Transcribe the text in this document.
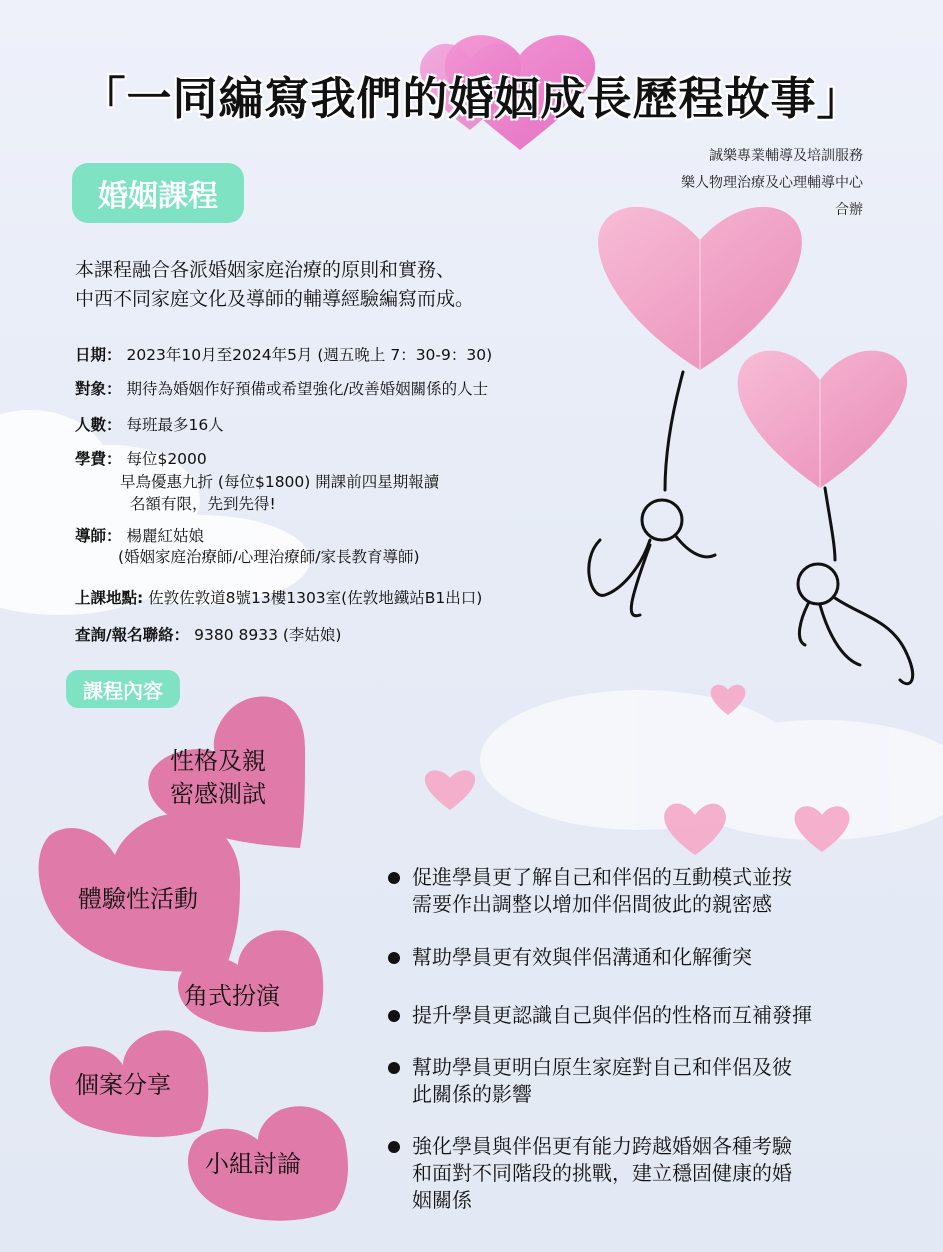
「一同編寫我們的婚姻成長歷程故事」
誠樂專業輔導及培訓服務
樂人物理治療及心理輔導中心
合辦
婚姻課程
本課程融合各派婚姻家庭治療的原則和實務、
中西不同家庭文化及導師的輔導經驗編寫而成。
日期： 2023年10月至2024年5月 (週五晚上 7：30-9：30)
對象： 期待為婚姻作好預備或希望強化/改善婚姻關係的人士
人數： 每班最多16人
學費： 每位$2000
早鳥優惠九折 (每位$1800) 開課前四星期報讀
名額有限，先到先得!
導師： 楊麗紅姑娘
(婚姻家庭治療師/心理治療師/家長教育導師)
上課地點: 佐敦佐敦道8號13樓1303室(佐敦地鐵站B1出口)
查詢/報名聯絡： 9380 8933 (李姑娘)
課程內容
性格及親
密感測試
體驗性活動
角式扮演
個案分享
小組討論
促進學員更了解自己和伴侶的互動模式並按
需要作出調整以增加伴侶間彼此的親密感
幫助學員更有效與伴侶溝通和化解衝突
提升學員更認識自己與伴侶的性格而互補發揮
幫助學員更明白原生家庭對自己和伴侶及彼
此關係的影響
強化學員與伴侶更有能力跨越婚姻各種考驗
和面對不同階段的挑戰，建立穩固健康的婚
姻關係
